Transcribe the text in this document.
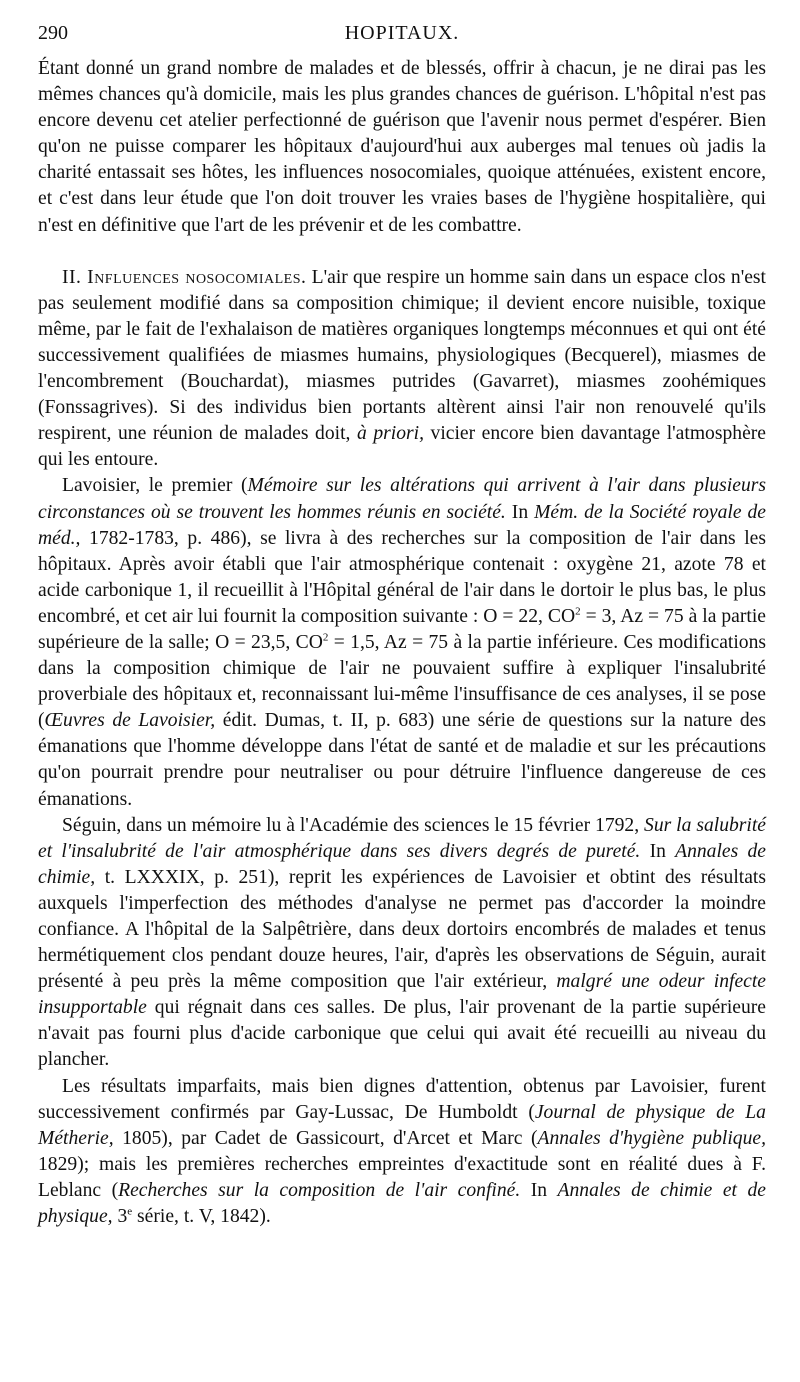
290	HOPITAUX.

Étant donné un grand nombre de malades et de blessés, offrir à chacun, je ne dirai pas les mêmes chances qu'à domicile, mais les plus grandes chances de guérison. L'hôpital n'est pas encore devenu cet atelier perfectionné de guérison que l'avenir nous permet d'espérer. Bien qu'on ne puisse comparer les hôpitaux d'aujourd'hui aux auberges mal tenues où jadis la charité entassait ses hôtes, les influences nosocomiales, quoique atténuées, existent encore, et c'est dans leur étude que l'on doit trouver les vraies bases de l'hygiène hospitalière, qui n'est en définitive que l'art de les prévenir et de les combattre.

II. Influences nosocomiales. L'air que respire un homme sain dans un espace clos n'est pas seulement modifié dans sa composition chimique; il devient encore nuisible, toxique même, par le fait de l'exhalaison de matières organiques longtemps méconnues et qui ont été successivement qualifiées de miasmes humains, physiologiques (Becquerel), miasmes de l'encombrement (Bouchardat), miasmes putrides (Gavarret), miasmes zoohémiques (Fonssagrives). Si des individus bien portants altèrent ainsi l'air non renouvelé qu'ils respirent, une réunion de malades doit, à priori, vicier encore bien davantage l'atmosphère qui les entoure.

Lavoisier, le premier (Mémoire sur les altérations qui arrivent à l'air dans plusieurs circonstances où se trouvent les hommes réunis en société. In Mém. de la Société royale de méd., 1782-1783, p. 486), se livra à des recherches sur la composition de l'air dans les hôpitaux. Après avoir établi que l'air atmosphérique contenait : oxygène 21, azote 78 et acide carbonique 1, il recueillit à l'Hôpital général de l'air dans le dortoir le plus bas, le plus encombré, et cet air lui fournit la composition suivante : O = 22, $CO^2 = 3$, Az = 75 à la partie supérieure de la salle; O = 23,5, $CO^2 = 1,5$, Az = 75 à la partie inférieure. Ces modifications dans la composition chimique de l'air ne pouvaient suffire à expliquer l'insalubrité proverbiale des hôpitaux et, reconnaissant lui-même l'insuffisance de ces analyses, il se pose (Œuvres de Lavoisier, édit. Dumas, t. II, p. 683) une série de questions sur la nature des émanations que l'homme développe dans l'état de santé et de maladie et sur les précautions qu'on pourrait prendre pour neutraliser ou pour détruire l'influence dangereuse de ces émanations.

Séguin, dans un mémoire lu à l'Académie des sciences le 15 février 1792, Sur la salubrité et l'insalubrité de l'air atmosphérique dans ses divers degrés de pureté. In Annales de chimie, t. LXXXIX, p. 251), reprit les expériences de Lavoisier et obtint des résultats auxquels l'imperfection des méthodes d'analyse ne permet pas d'accorder la moindre confiance. A l'hôpital de la Salpêtrière, dans deux dortoirs encombrés de malades et tenus hermétiquement clos pendant douze heures, l'air, d'après les observations de Séguin, aurait présenté à peu près la même composition que l'air extérieur, malgré une odeur infecte insupportable qui régnait dans ces salles. De plus, l'air provenant de la partie supérieure n'avait pas fourni plus d'acide carbonique que celui qui avait été recueilli au niveau du plancher.

Les résultats imparfaits, mais bien dignes d'attention, obtenus par Lavoisier, furent successivement confirmés par Gay-Lussac, De Humboldt (Journal de physique de La Métherie, 1805), par Cadet de Gassicourt, d'Arcet et Marc (Annales d'hygiène publique, 1829); mais les premières recherches empreintes d'exactitude sont en réalité dues à F. Leblanc (Recherches sur la composition de l'air confiné. In Annales de chimie et de physique, 3e série, t. V, 1842).
